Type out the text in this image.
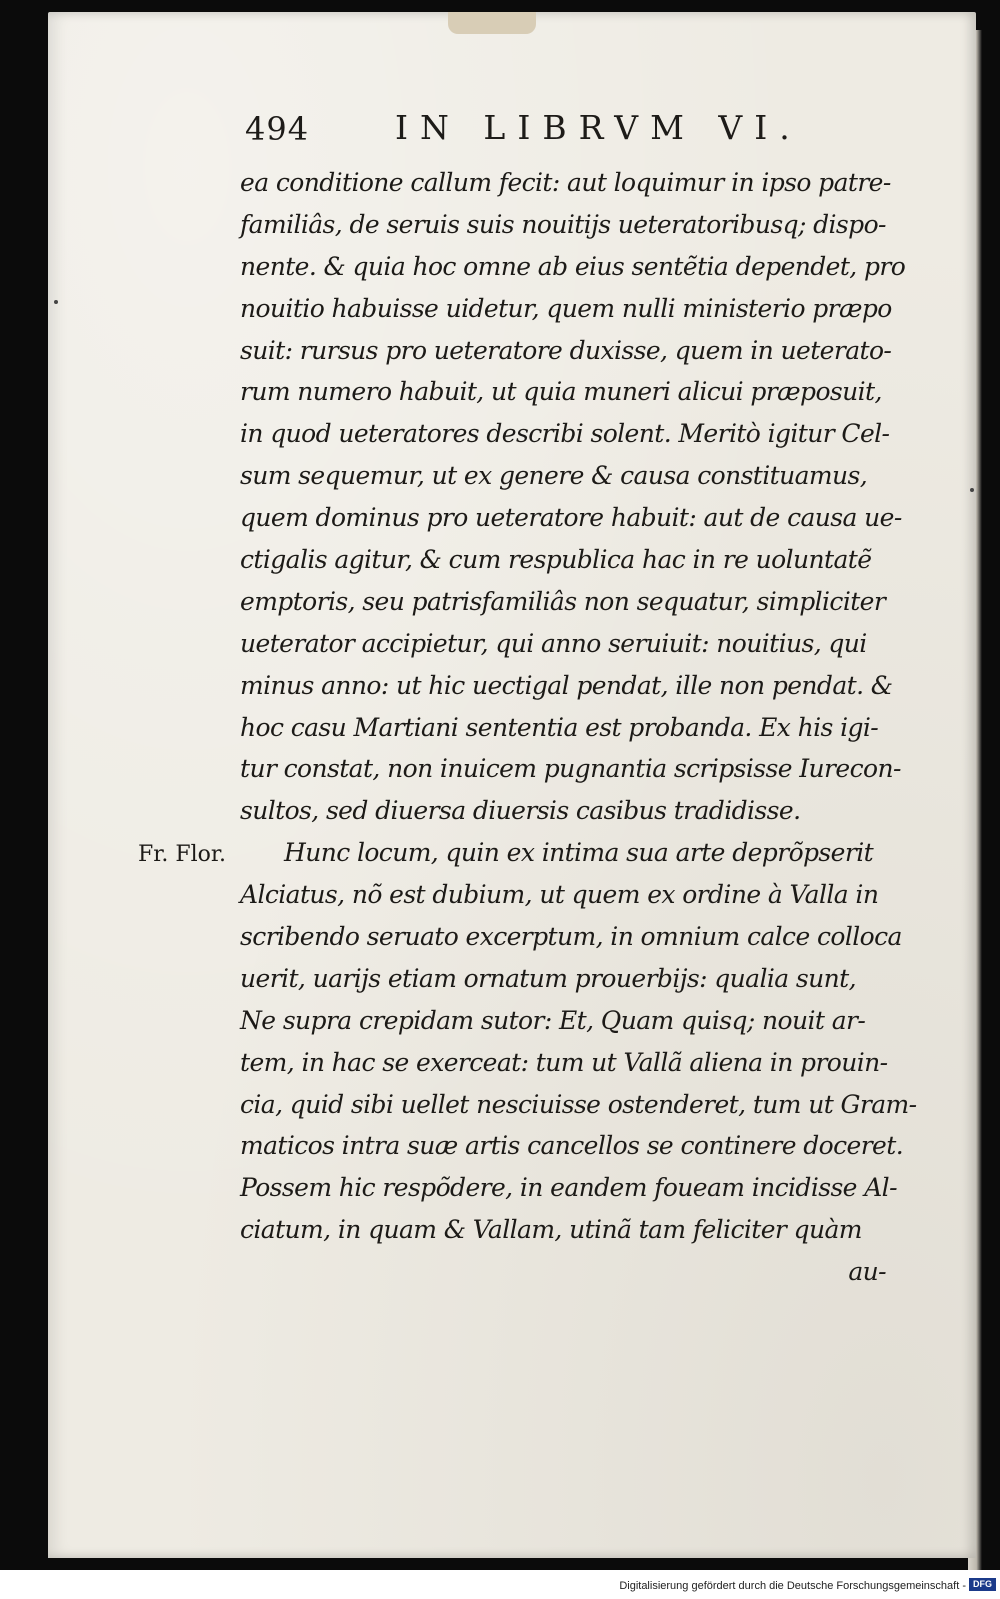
494	IN LIBRVM VI.
Fr. Flor.
ea conditione callum fecit: aut loquimur in ipso patre-
familiâs, de seruis suis nouitijs ueteratoribusq; dispo-
nente. & quia hoc omne ab eius sentẽtia dependet, pro
nouitio habuisse uidetur, quem nulli ministerio præpo
suit: rursus pro ueteratore duxisse, quem in ueterato-
rum numero habuit, ut quia muneri alicui præposuit,
in quod ueteratores describi solent. Meritò igitur Cel-
sum sequemur, ut ex genere & causa constituamus,
quem dominus pro ueteratore habuit: aut de causa ue-
ctigalis agitur, & cum respublica hac in re uoluntatẽ
emptoris, seu patrisfamiliâs non sequatur, simpliciter
ueterator accipietur, qui anno seruiuit: nouitius, qui
minus anno: ut hic uectigal pendat, ille non pendat. &
hoc casu Martiani sententia est probanda. Ex his igi-
tur constat, non inuicem pugnantia scripsisse Iurecon-
sultos, sed diuersa diuersis casibus tradidisse.
Hunc locum, quin ex intima sua arte deprõpserit
Alciatus, nõ est dubium, ut quem ex ordine à Valla in
scribendo seruato excerptum, in omnium calce colloca
uerit, uarijs etiam ornatum prouerbijs: qualia sunt,
Ne supra crepidam sutor: Et, Quam quisq; nouit ar-
tem, in hac se exerceat: tum ut Vallã aliena in prouin-
cia, quid sibi uellet nesciuisse ostenderet, tum ut Gram-
maticos intra suæ artis cancellos se continere doceret.
Possem hic respõdere, in eandem foueam incidisse Al-
ciatum, in quam & Vallam, utinã tam feliciter quàm
au-
Digitalisierung gefördert durch die Deutsche Forschungsgemeinschaft - DFG
